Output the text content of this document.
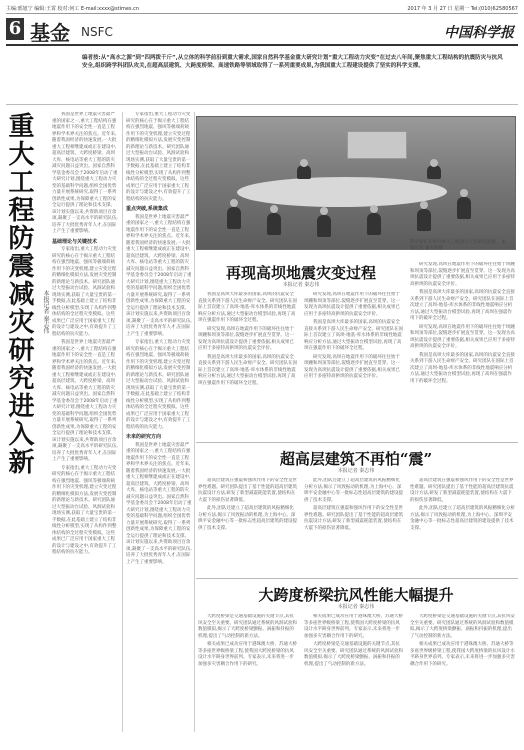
主编:邢旭宁 编辑:王霄 校对:何工 E-mail:xxxx@stimes.cn	2017 年 3 月 27 日 星期一 Tel:(010)62580567
6 基金 NSFC	中国科学报
编者按:从“高水之源”到“四两拨千斤”,从立体的科学前沿到重大需求,国家自然科学基金重大研究计划“重大工程动力灾变”在过去八年间,聚焦重大工程结构的抗震防灾与抗风安全,组织跨学科团队攻关,在超高层建筑、大跨度桥梁、高速铁路等领域取得了一系列重要成果,为我国重大工程建设提供了坚实的科学支撑。
重大工程防震减灾研究进入新
本报记者 秦志伟

我国是世界上地震灾害最严重的国家之一,重大工程结构在强地震作用下的安全性一直是工程界和学术界关注的焦点。近年来,随着我国经济的快速发展,一大批重大工程相继建成或正在建设中,超高层建筑、大跨度桥梁、高坝大库、核电站等重大工程的防灾减灾问题日益突出。国家自然科学基金委员会于2008年启动了重大研究计划,围绕重大工程动力灾变的基础科学问题,组织全国优势力量开展系统研究,取得了一系列创新性成果,为保障重大工程的安全运行提供了理论和技术支撑。该计划实施以来,共资助项目百余项,凝聚了一支高水平的研究队伍,培养了大批优秀青年人才,在国际上产生了重要影响。

基础理论与关键技术

专家指出,重大工程动力灾变研究的核心在于揭示重大工程结构在强烈地震、强风等极端荷载作用下的灾变机理,建立灾变过程的精细化模拟方法,发展灾变控制的新理论与新技术。研究团队通过大型振动台试验、风洞试验和现场实测,获取了大量宝贵的第一手数据,在此基础上建立了结构非线性分析模型,实现了从构件到整体结构的全过程灾变模拟。这些成果已广泛应用于国家重大工程的设计与建设之中,有效提升了工程结构的抗灾能力。

我国是世界上地震灾害最严重的国家之一,重大工程结构在强地震作用下的安全性一直是工程界和学术界关注的焦点。近年来,随着我国经济的快速发展,一大批重大工程相继建成或正在建设中,超高层建筑、大跨度桥梁、高坝大库、核电站等重大工程的防灾减灾问题日益突出。国家自然科学基金委员会于2008年启动了重大研究计划,围绕重大工程动力灾变的基础科学问题,组织全国优势力量开展系统研究,取得了一系列创新性成果,为保障重大工程的安全运行提供了理论和技术支撑。该计划实施以来,共资助项目百余项,凝聚了一支高水平的研究队伍,培养了大批优秀青年人才,在国际上产生了重要影响。

专家指出,重大工程动力灾变研究的核心在于揭示重大工程结构在强烈地震、强风等极端荷载作用下的灾变机理,建立灾变过程的精细化模拟方法,发展灾变控制的新理论与新技术。研究团队通过大型振动台试验、风洞试验和现场实测,获取了大量宝贵的第一手数据,在此基础上建立了结构非线性分析模型,实现了从构件到整体结构的全过程灾变模拟。这些成果已广泛应用于国家重大工程的设计与建设之中,有效提升了工程结构的抗灾能力。

专家指出,重大工程动力灾变研究的核心在于揭示重大工程结构在强烈地震、强风等极端荷载作用下的灾变机理,建立灾变过程的精细化模拟方法,发展灾变控制的新理论与新技术。研究团队通过大型振动台试验、风洞试验和现场实测,获取了大量宝贵的第一手数据,在此基础上建立了结构非线性分析模型,实现了从构件到整体结构的全过程灾变模拟。这些成果已广泛应用于国家重大工程的设计与建设之中,有效提升了工程结构的抗灾能力。

重点突破,系统集成

我国是世界上地震灾害最严重的国家之一,重大工程结构在强地震作用下的安全性一直是工程界和学术界关注的焦点。近年来,随着我国经济的快速发展,一大批重大工程相继建成或正在建设中,超高层建筑、大跨度桥梁、高坝大库、核电站等重大工程的防灾减灾问题日益突出。国家自然科学基金委员会于2008年启动了重大研究计划,围绕重大工程动力灾变的基础科学问题,组织全国优势力量开展系统研究,取得了一系列创新性成果,为保障重大工程的安全运行提供了理论和技术支撑。该计划实施以来,共资助项目百余项,凝聚了一支高水平的研究队伍,培养了大批优秀青年人才,在国际上产生了重要影响。

专家指出,重大工程动力灾变研究的核心在于揭示重大工程结构在强烈地震、强风等极端荷载作用下的灾变机理,建立灾变过程的精细化模拟方法,发展灾变控制的新理论与新技术。研究团队通过大型振动台试验、风洞试验和现场实测,获取了大量宝贵的第一手数据,在此基础上建立了结构非线性分析模型,实现了从构件到整体结构的全过程灾变模拟。这些成果已广泛应用于国家重大工程的设计与建设之中,有效提升了工程结构的抗灾能力。

未来的研究方向

我国是世界上地震灾害最严重的国家之一,重大工程结构在强地震作用下的安全性一直是工程界和学术界关注的焦点。近年来,随着我国经济的快速发展,一大批重大工程相继建成或正在建设中,超高层建筑、大跨度桥梁、高坝大库、核电站等重大工程的防灾减灾问题日益突出。国家自然科学基金委员会于2008年启动了重大研究计划,围绕重大工程动力灾变的基础科学问题,组织全国优势力量开展系统研究,取得了一系列创新性成果,为保障重大工程的安全运行提供了理论和技术支撑。该计划实施以来,共资助项目百余项,凝聚了一支高水平的研究队伍,培养了大批优秀青年人才,在国际上产生了重要影响。

科学家正在研讨重大工程动力灾变研究进展。 本报记者 秦志伟摄
再现高坝地震灾变过程
本报记者 秦志伟

我国是高坝大库最多的国家,高坝的抗震安全直接关系到下游人民生命财产安全。研究团队在国际上首次建立了高坝-地基-库水体系的非线性地震响应分析方法,通过大型振动台模型试验,再现了高坝在强震作用下的破坏全过程。

研究发现,高坝在地震作用下的破坏往往始于坝踵和坝顶等部位,裂缝逐步扩展直至贯穿。这一发现为高坝抗震设计提供了重要依据,相关成果已应用于多座特高拱坝的抗震安全评价。

我国是高坝大库最多的国家,高坝的抗震安全直接关系到下游人民生命财产安全。研究团队在国际上首次建立了高坝-地基-库水体系的非线性地震响应分析方法,通过大型振动台模型试验,再现了高坝在强震作用下的破坏全过程。

研究发现,高坝在地震作用下的破坏往往始于坝踵和坝顶等部位,裂缝逐步扩展直至贯穿。这一发现为高坝抗震设计提供了重要依据,相关成果已应用于多座特高拱坝的抗震安全评价。

我国是高坝大库最多的国家,高坝的抗震安全直接关系到下游人民生命财产安全。研究团队在国际上首次建立了高坝-地基-库水体系的非线性地震响应分析方法,通过大型振动台模型试验,再现了高坝在强震作用下的破坏全过程。

研究发现,高坝在地震作用下的破坏往往始于坝踵和坝顶等部位,裂缝逐步扩展直至贯穿。这一发现为高坝抗震设计提供了重要依据,相关成果已应用于多座特高拱坝的抗震安全评价。

研究发现,高坝在地震作用下的破坏往往始于坝踵和坝顶等部位,裂缝逐步扩展直至贯穿。这一发现为高坝抗震设计提供了重要依据,相关成果已应用于多座特高拱坝的抗震安全评价。

我国是高坝大库最多的国家,高坝的抗震安全直接关系到下游人民生命财产安全。研究团队在国际上首次建立了高坝-地基-库水体系的非线性地震响应分析方法,通过大型振动台模型试验,再现了高坝在强震作用下的破坏全过程。

研究发现,高坝在地震作用下的破坏往往始于坝踵和坝顶等部位,裂缝逐步扩展直至贯穿。这一发现为高坝抗震设计提供了重要依据,相关成果已应用于多座特高拱坝的抗震安全评价。

我国是高坝大库最多的国家,高坝的抗震安全直接关系到下游人民生命财产安全。研究团队在国际上首次建立了高坝-地基-库水体系的非线性地震响应分析方法,通过大型振动台模型试验,再现了高坝在强震作用下的破坏全过程。

超高层建筑不再怕“震”
本报记者 秦志伟

超高层建筑在强震和强风作用下的安全性是世界性难题。研究团队提出了基于性能的超高层建筑抗震设计方法,研发了新型减震耗能装置,使结构在大震下的损伤显著降低。

此外,团队还建立了超高层建筑的风振精细化分析方法,揭示了风致振动的机理,为上海中心、深圳平安金融中心等一批标志性超高层建筑的建设提供了技术支撑。

此外,团队还建立了超高层建筑的风振精细化分析方法,揭示了风致振动的机理,为上海中心、深圳平安金融中心等一批标志性超高层建筑的建设提供了技术支撑。

超高层建筑在强震和强风作用下的安全性是世界性难题。研究团队提出了基于性能的超高层建筑抗震设计方法,研发了新型减震耗能装置,使结构在大震下的损伤显著降低。

超高层建筑在强震和强风作用下的安全性是世界性难题。研究团队提出了基于性能的超高层建筑抗震设计方法,研发了新型减震耗能装置,使结构在大震下的损伤显著降低。

此外,团队还建立了超高层建筑的风振精细化分析方法,揭示了风致振动的机理,为上海中心、深圳平安金融中心等一批标志性超高层建筑的建设提供了技术支撑。

大跨度桥梁抗风性能大幅提升
本报记者 秦志伟

大跨度桥梁是交通基础设施的关键节点,其抗风安全至关重要。研究团队通过系统的风洞试验和数值模拟,揭示了大跨度桥梁颤振、涡振和抖振的机理,提出了气动控制的新方法。

相关成果已成功应用于港珠澳大桥、苏通大桥等多座世界级桥梁工程,使我国大跨度桥梁的抗风设计水平跻身世界前列。专家表示,未来将进一步加强多灾害耦合作用下的研究。

相关成果已成功应用于港珠澳大桥、苏通大桥等多座世界级桥梁工程,使我国大跨度桥梁的抗风设计水平跻身世界前列。专家表示,未来将进一步加强多灾害耦合作用下的研究。

大跨度桥梁是交通基础设施的关键节点,其抗风安全至关重要。研究团队通过系统的风洞试验和数值模拟,揭示了大跨度桥梁颤振、涡振和抖振的机理,提出了气动控制的新方法。

大跨度桥梁是交通基础设施的关键节点,其抗风安全至关重要。研究团队通过系统的风洞试验和数值模拟,揭示了大跨度桥梁颤振、涡振和抖振的机理,提出了气动控制的新方法。

相关成果已成功应用于港珠澳大桥、苏通大桥等多座世界级桥梁工程,使我国大跨度桥梁的抗风设计水平跻身世界前列。专家表示,未来将进一步加强多灾害耦合作用下的研究。
